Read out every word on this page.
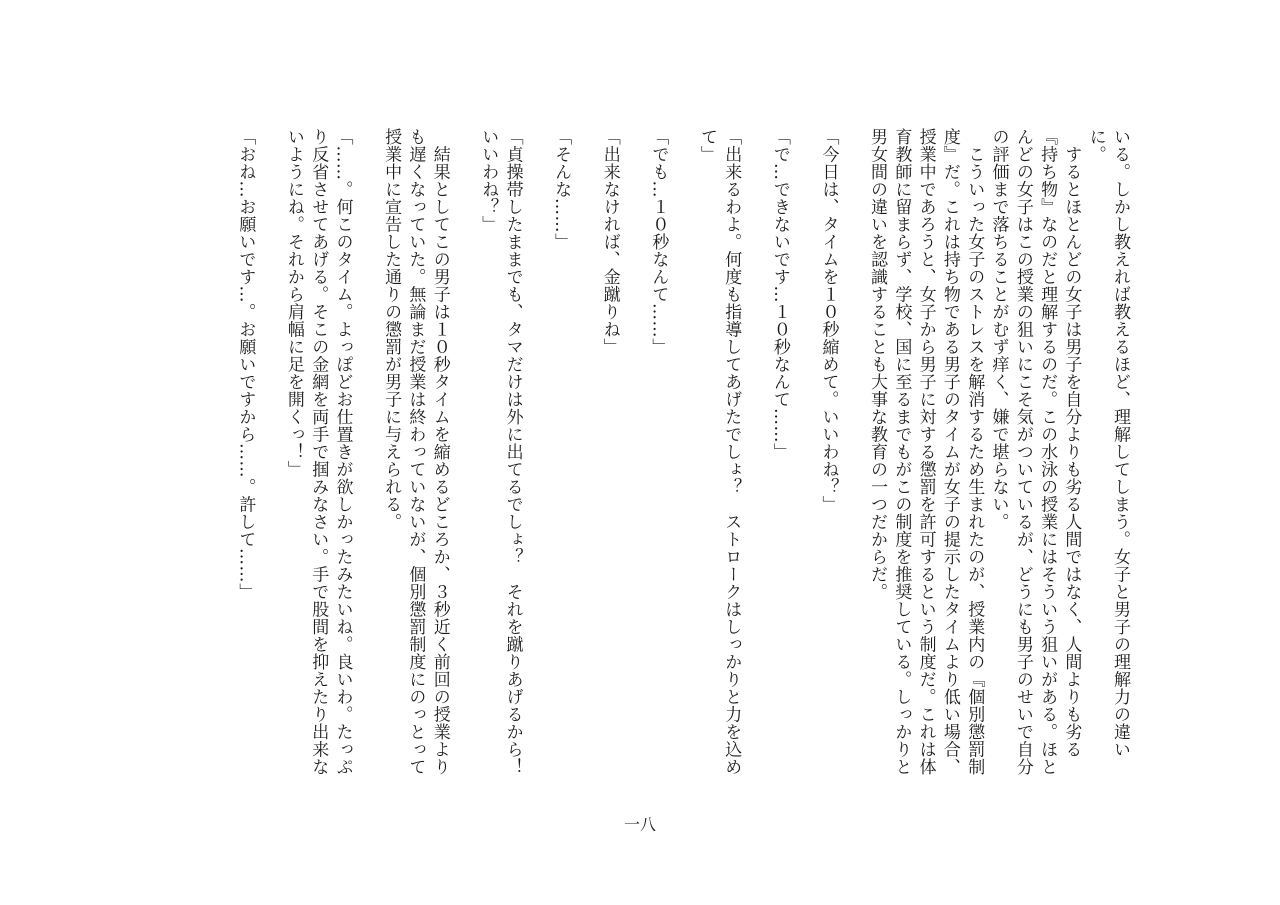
いる。しかし教えれば教えるほど、理解してしまう。女子と男子の理解力の違いに。

　するとほとんどの女子は男子を自分よりも劣る人間ではなく、人間よりも劣る『持ち物』なのだと理解するのだ。この水泳の授業にはそういう狙いがある。ほとんどの女子はこの授業の狙いにこそ気がついているが、どうにも男子のせいで自分の評価まで落ちることがむず痒く、嫌で堪らない。

　こういった女子のストレスを解消するため生まれたのが、授業内の『個別懲罰制度』だ。これは持ち物である男子のタイムが女子の提示したタイムより低い場合、授業中であろうと、女子から男子に対する懲罰を許可するという制度だ。これは体育教師に留まらず、学校、国に至るまでもがこの制度を推奨している。しっかりと男女間の違いを認識することも大事な教育の一つだからだ。

「今日は、タイムを１０秒縮めて。いいわね？」

「で…できないです…１０秒なんて……」

「出来るわよ。何度も指導してあげたでしょ？　ストロークはしっかりと力を込めて」

「でも…１０秒なんて……」

「出来なければ、金蹴りね」

「そんな……」

「貞操帯したままでも、タマだけは外に出てるでしょ？　それを蹴りあげるから！　いいわね？」

　結果としてこの男子は１０秒タイムを縮めるどころか、３秒近く前回の授業よりも遅くなっていた。無論まだ授業は終わっていないが、個別懲罰制度にのっとって授業中に宣告した通りの懲罰が男子に与えられる。

「……。何このタイム。よっぽどお仕置きが欲しかったみたいね。良いわ。たっぷり反省させてあげる。そこの金網を両手で掴みなさい。手で股間を抑えたり出来ないようにね。それから肩幅に足を開くっ！」

「おね…お願いです…。お願いですから……。許して……」

一八
